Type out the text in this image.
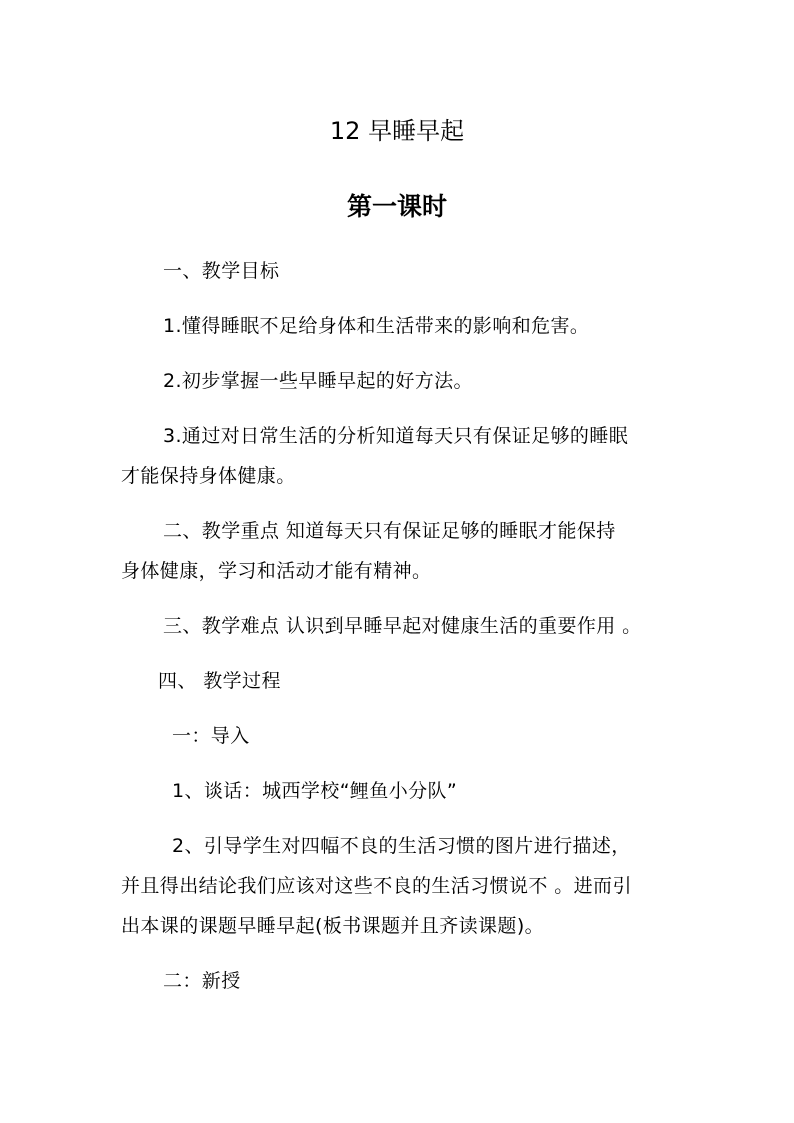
12 早睡早起
第一课时
一、教学目标
1.懂得睡眠不足给身体和生活带来的影响和危害。
2.初步掌握一些早睡早起的好方法。
3.通过对日常生活的分析知道每天只有保证足够的睡眠
才能保持身体健康。
二、教学重点 知道每天只有保证足够的睡眠才能保持
身体健康，学习和活动才能有精神。
三、教学难点 认识到早睡早起对健康生活的重要作用 。
四、 教学过程
一：导入
1、谈话：城西学校“鲤鱼小分队”
2、引导学生对四幅不良的生活习惯的图片进行描述，
并且得出结论我们应该对这些不良的生活习惯说不 。进而引
出本课的课题早睡早起(板书课题并且齐读课题)。
二：新授
